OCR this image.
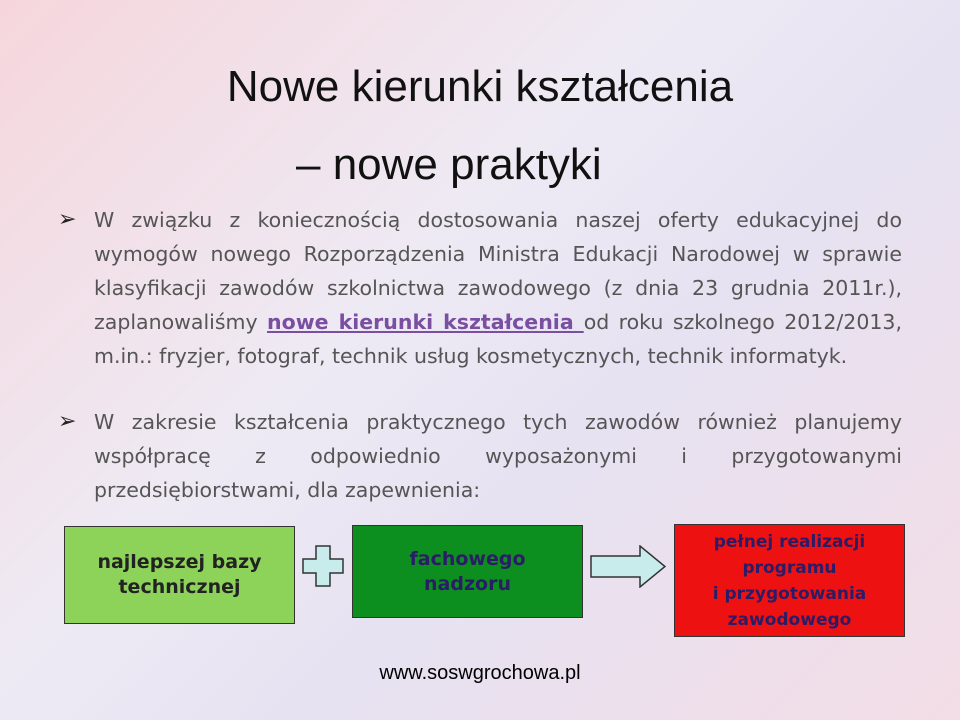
Nowe kierunki kształcenia
– nowe praktyki
➢ W związku z koniecznością dostosowania naszej oferty edukacyjnej do wymogów nowego Rozporządzenia Ministra Edukacji Narodowej w sprawie klasyfikacji zawodów szkolnictwa zawodowego (z dnia 23 grudnia 2011r.), zaplanowaliśmy nowe kierunki kształcenia od roku szkolnego 2012/2013, m.in.: fryzjer, fotograf, technik usług kosmetycznych, technik informatyk.
➢ W zakresie kształcenia praktycznego tych zawodów również planujemy współpracę z odpowiednio wyposażonymi i przygotowanymi przedsiębiorstwami, dla zapewnienia:
najlepszej bazy
technicznej
fachowego
nadzoru
pełnej realizacji
programu
i przygotowania
zawodowego
www.soswgrochowa.pl
